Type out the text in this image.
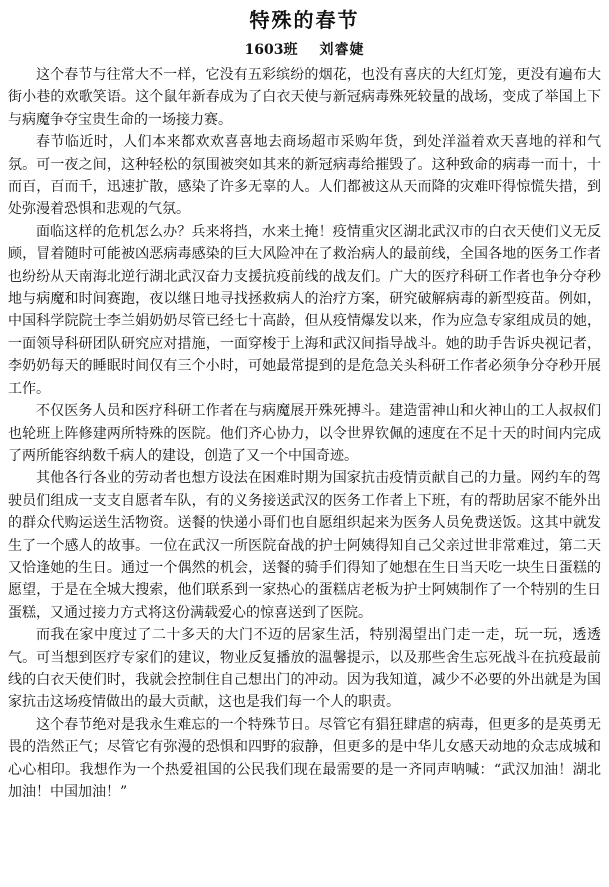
特殊的春节
1603班 刘睿婕

这个春节与往常大不一样，它没有五彩缤纷的烟花，也没有喜庆的大红灯笼，更没有遍布大街小巷的欢歌笑语。这个鼠年新春成为了白衣天使与新冠病毒殊死较量的战场，变成了举国上下与病魔争夺宝贵生命的一场接力赛。

春节临近时，人们本来都欢欢喜喜地去商场超市采购年货，到处洋溢着欢天喜地的祥和气氛。可一夜之间，这种轻松的氛围被突如其来的新冠病毒给摧毁了。这种致命的病毒一而十，十而百，百而千，迅速扩散，感染了许多无辜的人。人们都被这从天而降的灾难吓得惊慌失措，到处弥漫着恐惧和悲观的气氛。

面临这样的危机怎么办？兵来将挡，水来土掩！疫情重灾区湖北武汉市的白衣天使们义无反顾，冒着随时可能被凶恶病毒感染的巨大风险冲在了救治病人的最前线，全国各地的医务工作者也纷纷从天南海北逆行湖北武汉奋力支援抗疫前线的战友们。广大的医疗科研工作者也争分夺秒地与病魔和时间赛跑，夜以继日地寻找拯救病人的治疗方案，研究破解病毒的新型疫苗。例如，中国科学院院士李兰娟奶奶尽管已经七十高龄，但从疫情爆发以来，作为应急专家组成员的她，一面领导科研团队研究应对措施，一面穿梭于上海和武汉间指导战斗。她的助手告诉央视记者，李奶奶每天的睡眠时间仅有三个小时，可她最常提到的是危急关头科研工作者必须争分夺秒开展工作。

不仅医务人员和医疗科研工作者在与病魔展开殊死搏斗。建造雷神山和火神山的工人叔叔们也轮班上阵修建两所特殊的医院。他们齐心协力，以令世界钦佩的速度在不足十天的时间内完成了两所能容纳数千病人的建设，创造了又一个中国奇迹。

其他各行各业的劳动者也想方设法在困难时期为国家抗击疫情贡献自己的力量。网约车的驾驶员们组成一支支自愿者车队，有的义务接送武汉的医务工作者上下班，有的帮助居家不能外出的群众代购运送生活物资。送餐的快递小哥们也自愿组织起来为医务人员免费送饭。这其中就发生了一个感人的故事。一位在武汉一所医院奋战的护士阿姨得知自己父亲过世非常难过，第二天又恰逢她的生日。通过一个偶然的机会，送餐的骑手们得知了她想在生日当天吃一块生日蛋糕的愿望，于是在全城大搜索，他们联系到一家热心的蛋糕店老板为护士阿姨制作了一个特别的生日蛋糕，又通过接力方式将这份满载爱心的惊喜送到了医院。

而我在家中度过了二十多天的大门不迈的居家生活，特别渴望出门走一走，玩一玩，透透气。可当想到医疗专家们的建议，物业反复播放的温馨提示，以及那些舍生忘死战斗在抗疫最前线的白衣天使们时，我就会控制住自己想出门的冲动。因为我知道，减少不必要的外出就是为国家抗击这场疫情做出的最大贡献，这也是我们每一个人的职责。

这个春节绝对是我永生难忘的一个特殊节日。尽管它有猖狂肆虐的病毒，但更多的是英勇无畏的浩然正气；尽管它有弥漫的恐惧和四野的寂静，但更多的是中华儿女感天动地的众志成城和心心相印。我想作为一个热爱祖国的公民我们现在最需要的是一齐同声呐喊：“武汉加油！湖北加油！中国加油！”
